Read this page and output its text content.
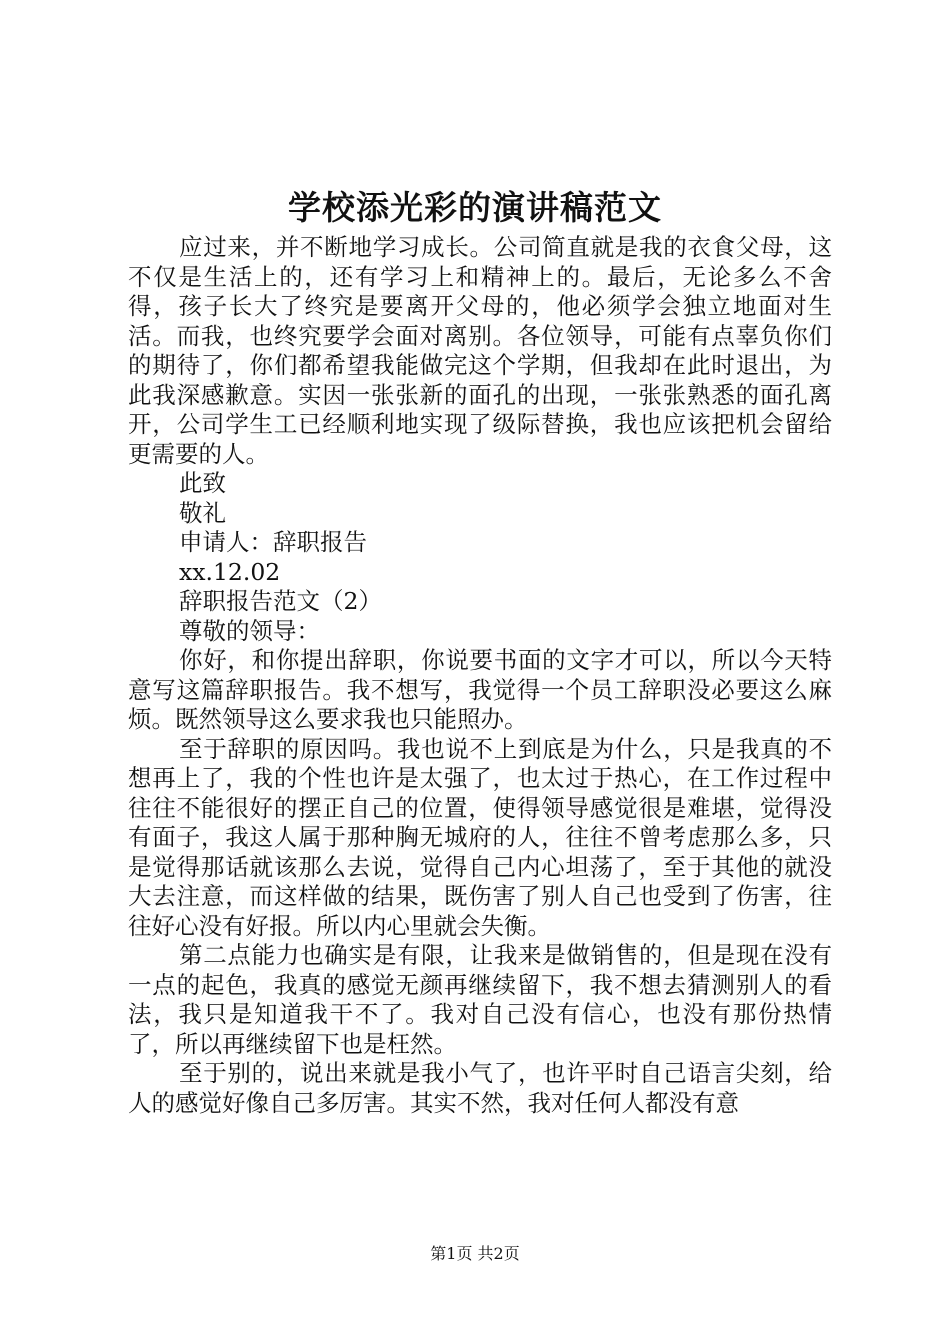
学校添光彩的演讲稿范文

应过来，并不断地学习成长。公司简直就是我的衣食父母，这不仅是生活上的，还有学习上和精神上的。最后，无论多么不舍得，孩子长大了终究是要离开父母的，他必须学会独立地面对生活。而我，也终究要学会面对离别。各位领导，可能有点辜负你们的期待了，你们都希望我能做完这个学期，但我却在此时退出，为此我深感歉意。实因一张张新的面孔的出现，一张张熟悉的面孔离开，公司学生工已经顺利地实现了级际替换，我也应该把机会留给更需要的人。

此致

敬礼

申请人：辞职报告

xx.12.02

辞职报告范文（2）

尊敬的领导：

你好，和你提出辞职，你说要书面的文字才可以，所以今天特意写这篇辞职报告。我不想写，我觉得一个员工辞职没必要这么麻烦。既然领导这么要求我也只能照办。

至于辞职的原因吗。我也说不上到底是为什么，只是我真的不想再上了，我的个性也许是太强了，也太过于热心，在工作过程中往往不能很好的摆正自己的位置，使得领导感觉很是难堪，觉得没有面子，我这人属于那种胸无城府的人，往往不曾考虑那么多，只是觉得那话就该那么去说，觉得自己内心坦荡了，至于其他的就没大去注意，而这样做的结果，既伤害了别人自己也受到了伤害，往往好心没有好报。所以内心里就会失衡。

第二点能力也确实是有限，让我来是做销售的，但是现在没有一点的起色，我真的感觉无颜再继续留下，我不想去猜测别人的看法，我只是知道我干不了。我对自己没有信心，也没有那份热情了，所以再继续留下也是枉然。

至于别的，说出来就是我小气了，也许平时自己语言尖刻，给人的感觉好像自己多厉害。其实不然，我对任何人都没有意

第1页 共2页
